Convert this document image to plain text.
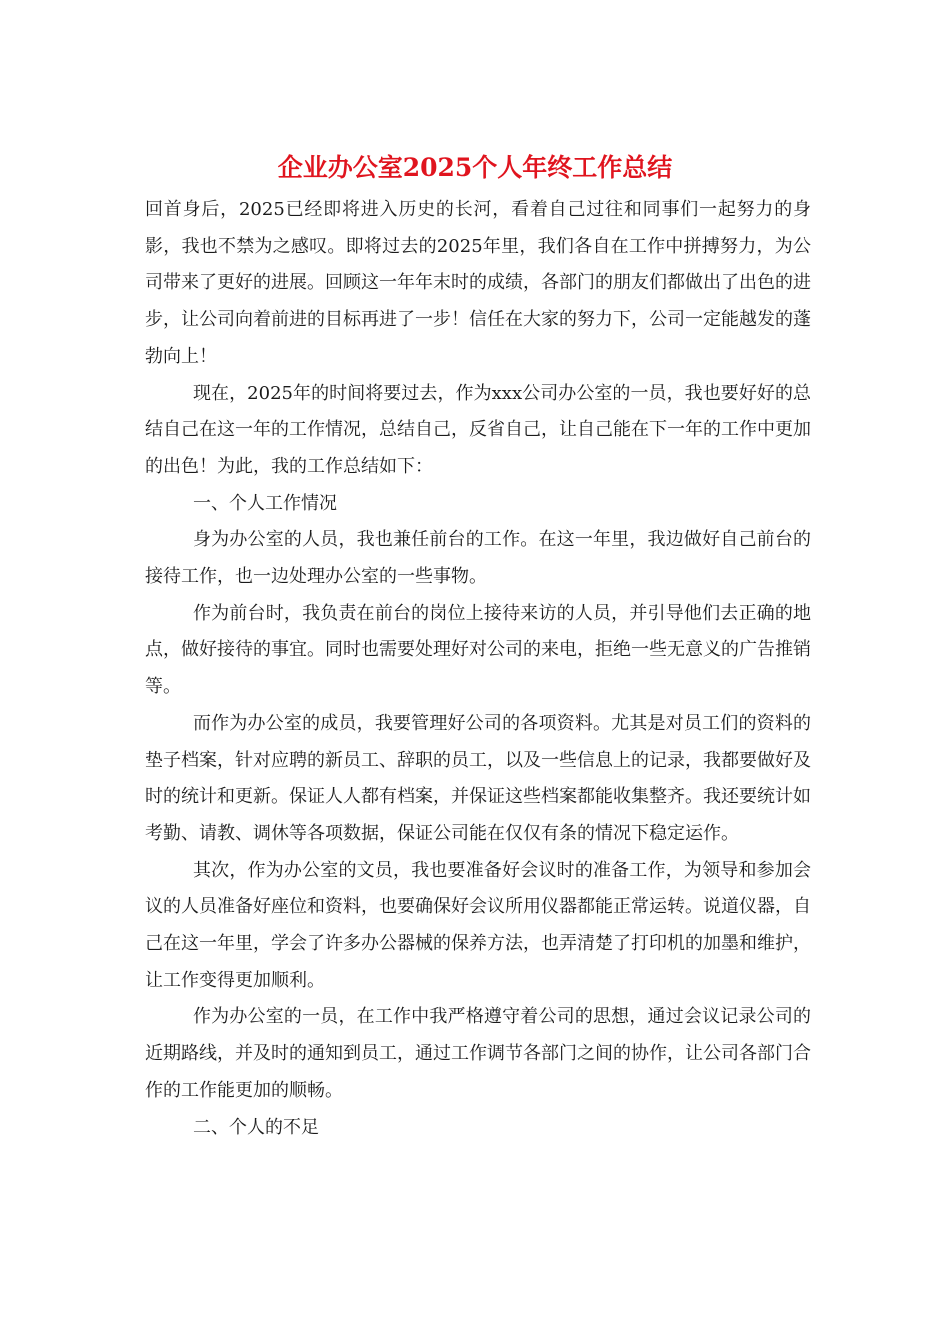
企业办公室2025个人年终工作总结

回首身后，2025已经即将进入历史的长河，看着自己过往和同事们一起努力的身影，我也不禁为之感叹。即将过去的2025年里，我们各自在工作中拼搏努力，为公司带来了更好的进展。回顾这一年年末时的成绩，各部门的朋友们都做出了出色的进步，让公司向着前进的目标再进了一步！信任在大家的努力下，公司一定能越发的蓬勃向上！

现在，2025年的时间将要过去，作为xxx公司办公室的一员，我也要好好的总结自己在这一年的工作情况，总结自己，反省自己，让自己能在下一年的工作中更加的出色！为此，我的工作总结如下：

一、个人工作情况

身为办公室的人员，我也兼任前台的工作。在这一年里，我边做好自己前台的接待工作，也一边处理办公室的一些事物。

作为前台时，我负责在前台的岗位上接待来访的人员，并引导他们去正确的地点，做好接待的事宜。同时也需要处理好对公司的来电，拒绝一些无意义的广告推销等。

而作为办公室的成员，我要管理好公司的各项资料。尤其是对员工们的资料的垫子档案，针对应聘的新员工、辞职的员工，以及一些信息上的记录，我都要做好及时的统计和更新。保证人人都有档案，并保证这些档案都能收集整齐。我还要统计如考勤、请教、调休等各项数据，保证公司能在仅仅有条的情况下稳定运作。

其次，作为办公室的文员，我也要准备好会议时的准备工作，为领导和参加会议的人员准备好座位和资料，也要确保好会议所用仪器都能正常运转。说道仪器，自己在这一年里，学会了许多办公器械的保养方法，也弄清楚了打印机的加墨和维护，让工作变得更加顺利。

作为办公室的一员，在工作中我严格遵守着公司的思想，通过会议记录公司的近期路线，并及时的通知到员工，通过工作调节各部门之间的协作，让公司各部门合作的工作能更加的顺畅。

二、个人的不足
